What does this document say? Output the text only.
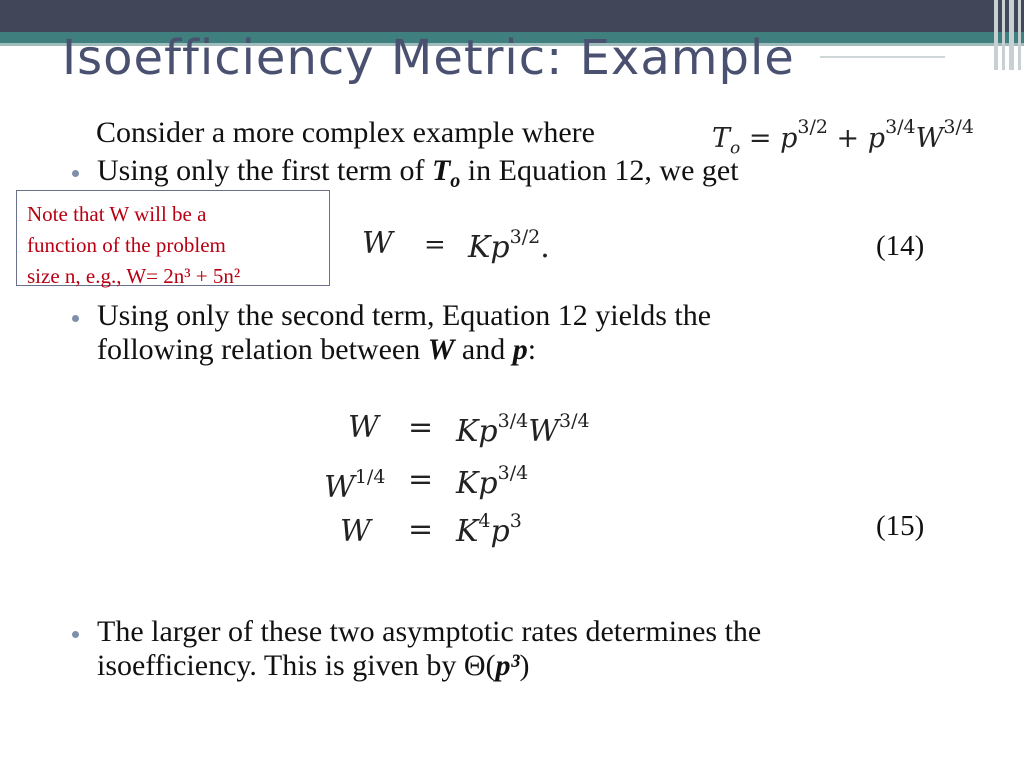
Isoefficiency Metric: Example
Consider a more complex example where	$T_o = p^{3/2} + p^{3/4}W^{3/4}$
Using only the first term of $T_o$ in Equation 12, we get
Note that W will be a
function of the problem
size n, e.g., W= 2n³ + 5n²
$W = Kp^{3/2}$.	(14)
Using only the second term, Equation 12 yields the
following relation between W and p:
$W = Kp^{3/4}W^{3/4}$
$W^{1/4} = Kp^{3/4}$
$W = K^4p^3$	(15)
The larger of these two asymptotic rates determines the
isoefficiency. This is given by Θ(p³)
